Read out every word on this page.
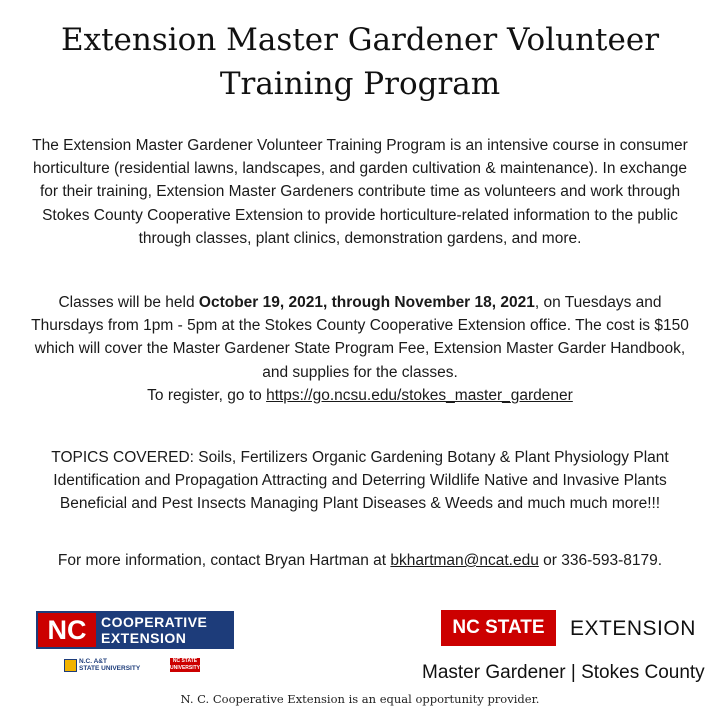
Extension Master Gardener Volunteer
Training Program

The Extension Master Gardener Volunteer Training Program is an intensive course in consumer horticulture (residential lawns, landscapes, and garden cultivation & maintenance). In exchange for their training, Extension Master Gardeners contribute time as volunteers and work through Stokes County Cooperative Extension to provide horticulture-related information to the public through classes, plant clinics, demonstration gardens, and more.

Classes will be held October 19, 2021, through November 18, 2021, on Tuesdays and Thursdays from 1pm - 5pm at the Stokes County Cooperative Extension office. The cost is $150 which will cover the Master Gardener State Program Fee, Extension Master Garder Handbook, and supplies for the classes.
To register, go to https://go.ncsu.edu/stokes_master_gardener

TOPICS COVERED: Soils, Fertilizers Organic Gardening Botany & Plant Physiology Plant Identification and Propagation Attracting and Deterring Wildlife Native and Invasive Plants Beneficial and Pest Insects Managing Plant Diseases & Weeds and much much more!!!

For more information, contact Bryan Hartman at bkhartman@ncat.edu or 336-593-8179.

NC	COOPERATIVE
EXTENSION
N.C. A&T
STATE UNIVERSITY
NC STATE
UNIVERSITY
NC STATE	EXTENSION
Master Gardener | Stokes County
N. C. Cooperative Extension is an equal opportunity provider.
